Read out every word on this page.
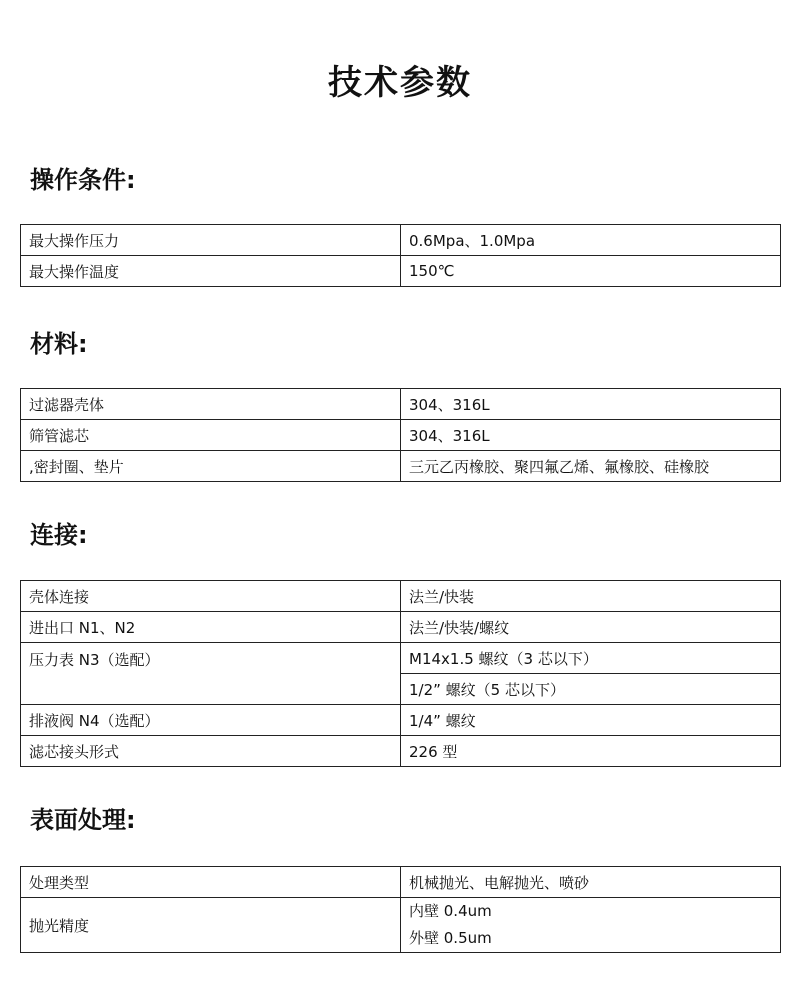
技术参数
操作条件:
最大操作压力	0.6Mpa、1.0Mpa
最大操作温度	150℃
材料:
过滤器壳体	304、316L
筛管滤芯	304、316L
,密封圈、垫片	三元乙丙橡胶、聚四氟乙烯、氟橡胶、硅橡胶
连接:
壳体连接	法兰/快装
进出口 N1、N2	法兰/快装/螺纹
压力表 N3（选配）	M14x1.5 螺纹（3 芯以下）
	1/2” 螺纹（5 芯以下）
排液阀 N4（选配）	1/4” 螺纹
滤芯接头形式	226 型
表面处理:
处理类型	机械抛光、电解抛光、喷砂
抛光精度	内壁 0.4um
外壁 0.5um
